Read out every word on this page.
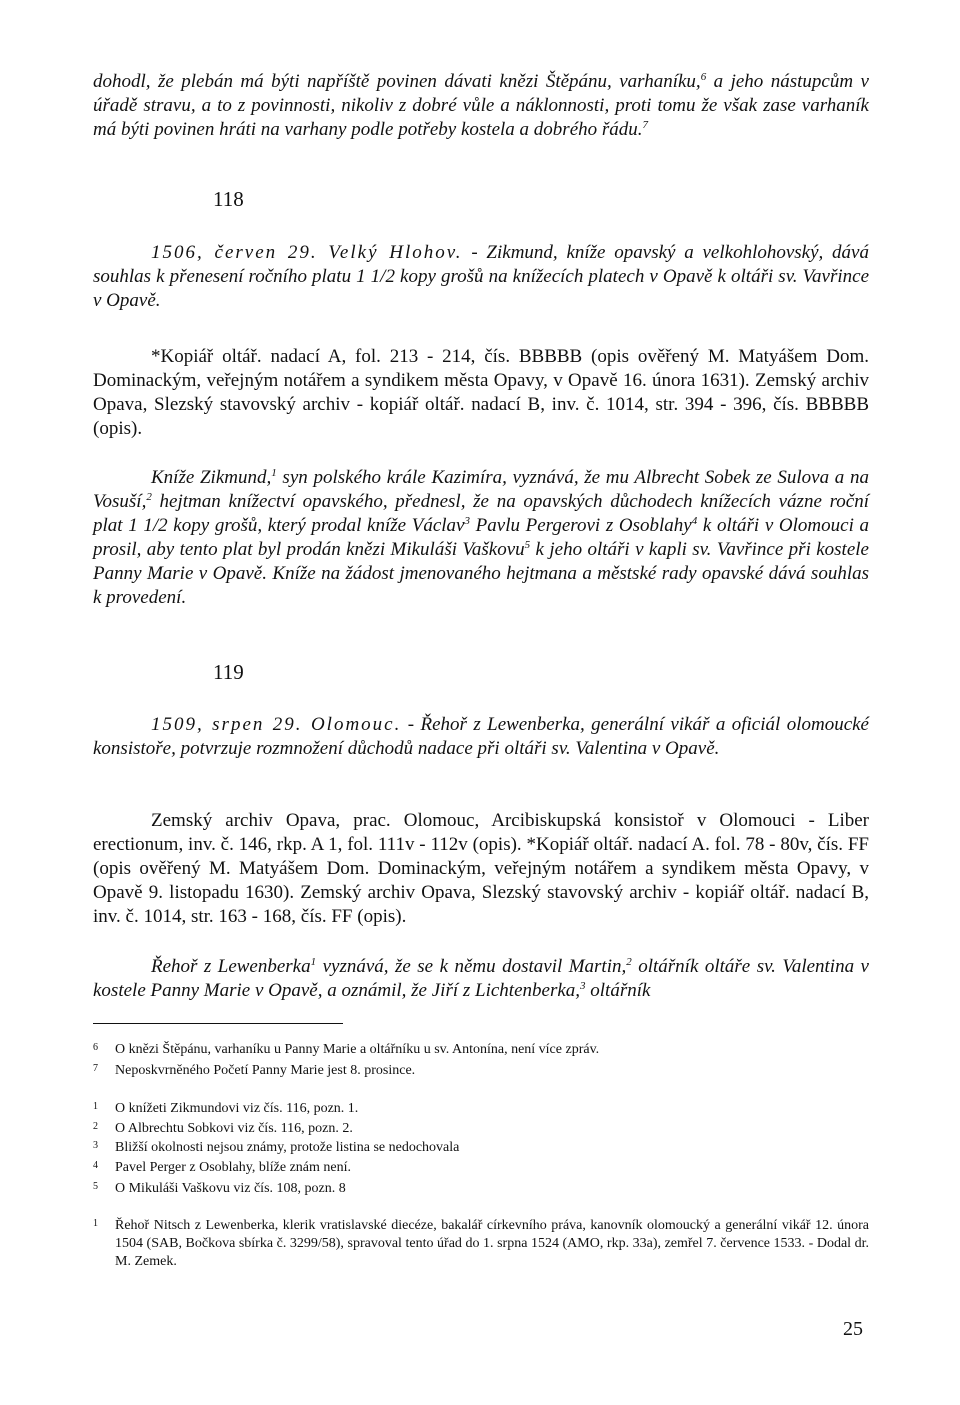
dohodl, že plebán má býti napříště povinen dávati knězi Štěpánu, varhaníku,$^6$ a jeho nástupcům v úřadě stravu, a to z povinnosti, nikoliv z dobré vůle a náklonnosti, proti tomu že však zase varhaník má býti povinen hráti na varhany podle potřeby kostela a dobrého řádu.$^7$
118
1506, červen 29. Velký Hlohov. - Zikmund, kníže opavský a velkohlohovský, dává souhlas k přenesení ročního platu 1 1/2 kopy grošů na knížecích platech v Opavě k oltáři sv. Vavřince v Opavě.
*Kopiář oltář. nadací A, fol. 213 - 214, čís. BBBBB (opis ověřený M. Matyášem Dom. Dominackým, veřejným notářem a syndikem města Opavy, v Opavě 16. února 1631). Zemský archiv Opava, Slezský stavovský archiv - kopiář oltář. nadací B, inv. č. 1014, str. 394 - 396, čís. BBBBB (opis).
Kníže Zikmund,$^1$ syn polského krále Kazimíra, vyznává, že mu Albrecht Sobek ze Sulova a na Vosuší,$^2$ hejtman knížectví opavského, přednesl, že na opavských důchodech knížecích vázne roční plat 1 1/2 kopy grošů, který prodal kníže Václav$^3$ Pavlu Pergerovi z Osoblahy$^4$ k oltáři v Olomouci a prosil, aby tento plat byl prodán knězi Mikuláši Vaškovu$^5$ k jeho oltáři v kapli sv. Vavřince při kostele Panny Marie v Opavě. Kníže na žádost jmenovaného hejtmana a městské rady opavské dává souhlas k provedení.
119
1509, srpen 29. Olomouc. - Řehoř z Lewenberka, generální vikář a oficiál olomoucké konsistoře, potvrzuje rozmnožení důchodů nadace při oltáři sv. Valentina v Opavě.
Zemský archiv Opava, prac. Olomouc, Arcibiskupská konsistoř v Olomouci - Liber erectionum, inv. č. 146, rkp. A 1, fol. 111v - 112v (opis). *Kopiář oltář. nadací A. fol. 78 - 80v, čís. FF (opis ověřený M. Matyášem Dom. Dominackým, veřejným notářem a syndikem města Opavy, v Opavě 9. listopadu 1630). Zemský archiv Opava, Slezský stavovský archiv - kopiář oltář. nadací B, inv. č. 1014, str. 163 - 168, čís. FF (opis).
Řehoř z Lewenberka$^1$ vyznává, že se k němu dostavil Martin,$^2$ oltářník oltáře sv. Valentina v kostele Panny Marie v Opavě, a oznámil, že Jiří z Lichtenberka,$^3$ oltářník
6 O knězi Štěpánu, varhaníku u Panny Marie a oltářníku u sv. Antonína, není více zpráv.
7 Neposkvrněného Početí Panny Marie jest 8. prosince.
1 O knížeti Zikmundovi viz čís. 116, pozn. 1.
2 O Albrechtu Sobkovi viz čís. 116, pozn. 2.
3 Bližší okolnosti nejsou známy, protože listina se nedochovala
4 Pavel Perger z Osoblahy, blíže znám není.
5 O Mikuláši Vaškovu viz čís. 108, pozn. 8
1 Řehoř Nitsch z Lewenberka, klerik vratislavské diecéze, bakalář církevního práva, kanovník olomoucký a generální vikář 12. února 1504 (SAB, Bočkova sbírka č. 3299/58), spravoval tento úřad do 1. srpna 1524 (AMO, rkp. 33a), zemřel 7. července 1533. - Dodal dr. M. Zemek.
25
